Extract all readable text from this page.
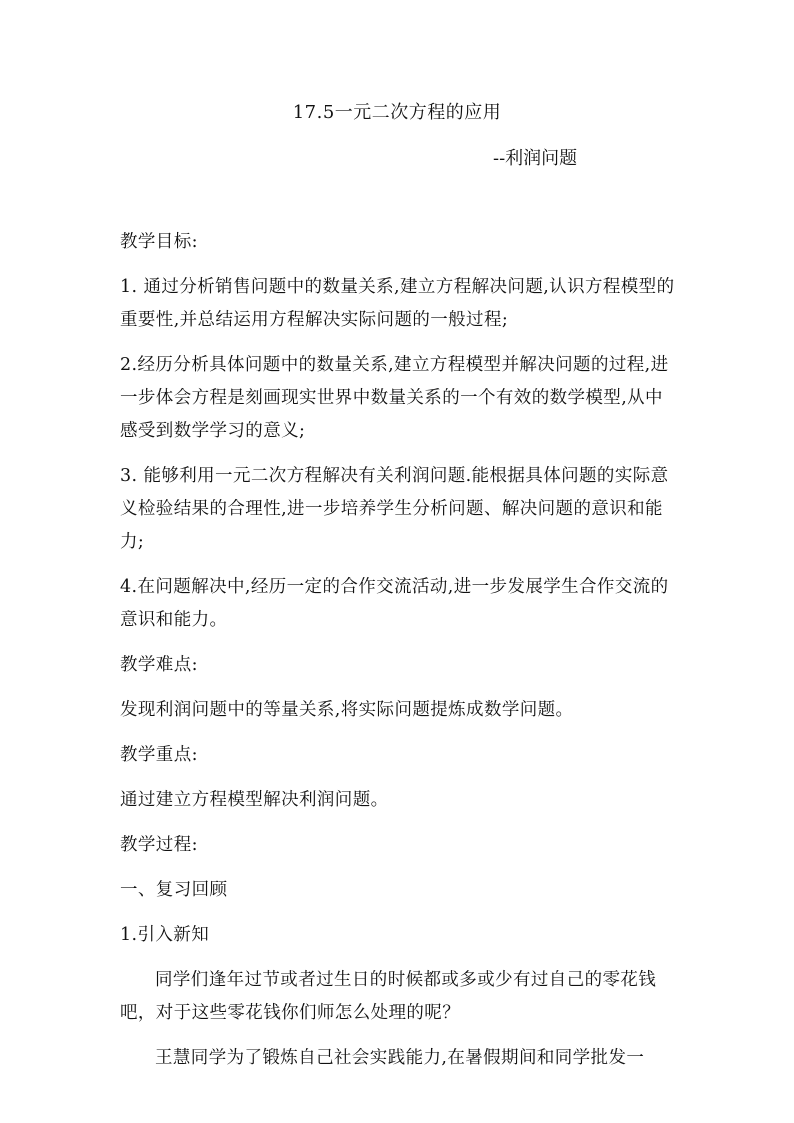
17.5一元二次方程的应用
--利润问题

教学目标:

1. 通过分析销售问题中的数量关系,建立方程解决问题,认识方程模型的重要性,并总结运用方程解决实际问题的一般过程;

2.经历分析具体问题中的数量关系,建立方程模型并解决问题的过程,进一步体会方程是刻画现实世界中数量关系的一个有效的数学模型,从中感受到数学学习的意义;

3. 能够利用一元二次方程解决有关利润问题.能根据具体问题的实际意义检验结果的合理性,进一步培养学生分析问题、解决问题的意识和能力;

4.在问题解决中,经历一定的合作交流活动,进一步发展学生合作交流的意识和能力。

教学难点:

发现利润问题中的等量关系,将实际问题提炼成数学问题。

教学重点:

通过建立方程模型解决利润问题。

教学过程:

一、复习回顾

1.引入新知

同学们逢年过节或者过生日的时候都或多或少有过自己的零花钱吧，对于这些零花钱你们师怎么处理的呢？

王慧同学为了锻炼自己社会实践能力,在暑假期间和同学批发一
